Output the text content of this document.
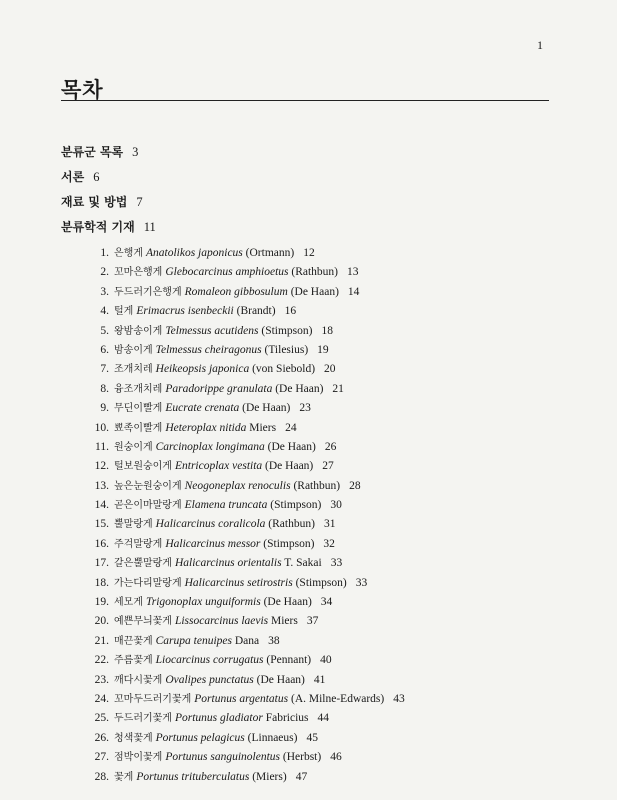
1
목차
분류군 목록 3
서론 6
재료 및 방법 7
분류학적 기재 11
1. 은행게 Anatolikos japonicus (Ortmann) 12
2. 꼬마은행게 Glebocarcinus amphioetus (Rathbun) 13
3. 두드러기은행게 Romaleon gibbosulum (De Haan) 14
4. 털게 Erimacrus isenbeckii (Brandt) 16
5. 왕밤송이게 Telmessus acutidens (Stimpson) 18
6. 밤송이게 Telmessus cheiragonus (Tilesius) 19
7. 조개치레 Heikeopsis japonica (von Siebold) 20
8. 융조개치레 Paradorippe granulata (De Haan) 21
9. 무딘이빨게 Eucrate crenata (De Haan) 23
10. 뾰족이빨게 Heteroplax nitida Miers 24
11. 원숭이게 Carcinoplax longimana (De Haan) 26
12. 털보원숭이게 Entricoplax vestita (De Haan) 27
13. 높은눈원숭이게 Neogoneplax renoculis (Rathbun) 28
14. 곧은이마말랑게 Elamena truncata (Stimpson) 30
15. 뿔말랑게 Halicarcinus coralicola (Rathbun) 31
16. 주걱말랑게 Halicarcinus messor (Stimpson) 32
17. 갈은뿔말랑게 Halicarcinus orientalis T. Sakai 33
18. 가는다리말랑게 Halicarcinus setirostris (Stimpson) 33
19. 세모게 Trigonoplax unguiformis (De Haan) 34
20. 예쁜무늬꽃게 Lissocarcinus laevis Miers 37
21. 매끈꽃게 Carupa tenuipes Dana 38
22. 주름꽃게 Liocarcinus corrugatus (Pennant) 40
23. 깨다시꽃게 Ovalipes punctatus (De Haan) 41
24. 꼬마두드러기꽃게 Portunus argentatus (A. Milne-Edwards) 43
25. 두드러기꽃게 Portunus gladiator Fabricius 44
26. 청색꽃게 Portunus pelagicus (Linnaeus) 45
27. 점박이꽃게 Portunus sanguinolentus (Herbst) 46
28. 꽃게 Portunus trituberculatus (Miers) 47
